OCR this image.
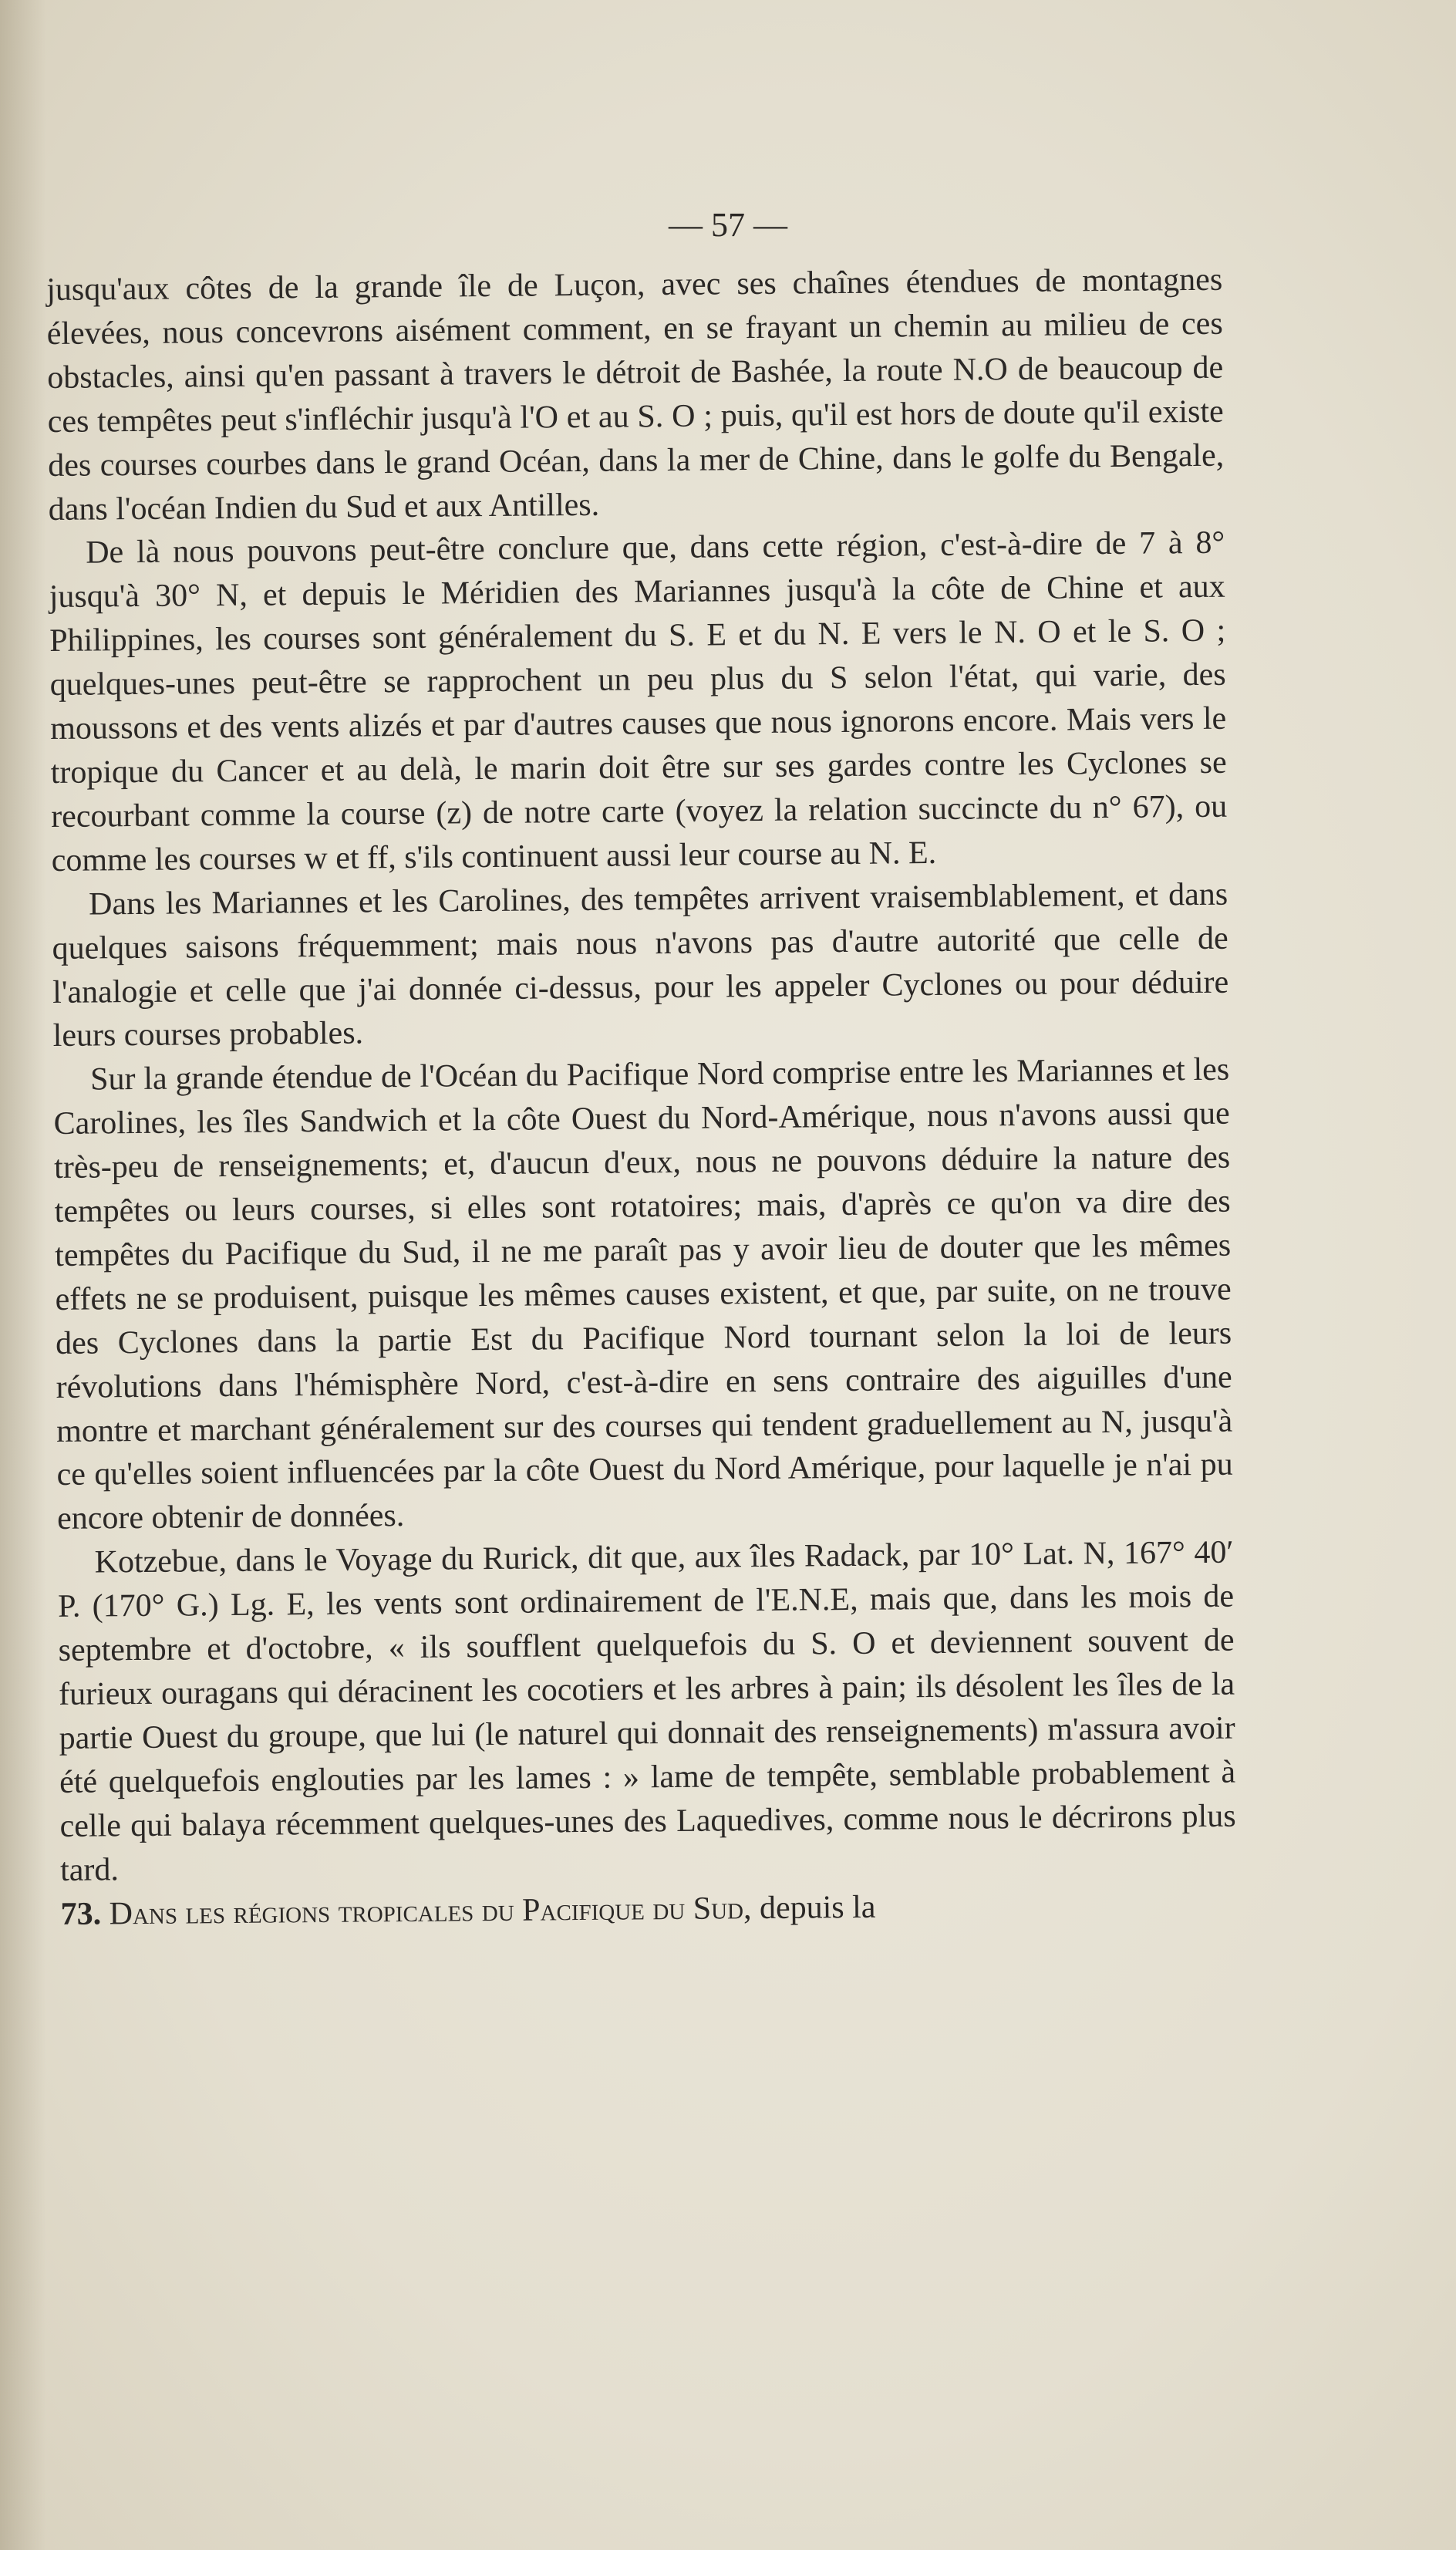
— 57 —

jusqu'aux côtes de la grande île de Luçon, avec ses chaînes étendues de montagnes élevées, nous concevrons aisément comment, en se frayant un chemin au milieu de ces obstacles, ainsi qu'en passant à travers le détroit de Bashée, la route N.O de beaucoup de ces tempêtes peut s'infléchir jusqu'à l'O et au S. O ; puis, qu'il est hors de doute qu'il existe des courses courbes dans le grand Océan, dans la mer de Chine, dans le golfe du Bengale, dans l'océan Indien du Sud et aux Antilles.

De là nous pouvons peut-être conclure que, dans cette région, c'est-à-dire de 7 à 8° jusqu'à 30° N, et depuis le Méridien des Mariannes jusqu'à la côte de Chine et aux Philippines, les courses sont généralement du S. E et du N. E vers le N. O et le S. O ; quelques-unes peut-être se rapprochent un peu plus du S selon l'état, qui varie, des moussons et des vents alizés et par d'autres causes que nous ignorons encore. Mais vers le tropique du Cancer et au delà, le marin doit être sur ses gardes contre les Cyclones se recourbant comme la course (z) de notre carte (voyez la relation succincte du n° 67), ou comme les courses w et ff, s'ils continuent aussi leur course au N. E.

Dans les Mariannes et les Carolines, des tempêtes arrivent vraisemblablement, et dans quelques saisons fréquemment; mais nous n'avons pas d'autre autorité que celle de l'analogie et celle que j'ai donnée ci-dessus, pour les appeler Cyclones ou pour déduire leurs courses probables.

Sur la grande étendue de l'Océan du Pacifique Nord comprise entre les Mariannes et les Carolines, les îles Sandwich et la côte Ouest du Nord-Amérique, nous n'avons aussi que très-peu de renseignements; et, d'aucun d'eux, nous ne pouvons déduire la nature des tempêtes ou leurs courses, si elles sont rotatoires; mais, d'après ce qu'on va dire des tempêtes du Pacifique du Sud, il ne me paraît pas y avoir lieu de douter que les mêmes effets ne se produisent, puisque les mêmes causes existent, et que, par suite, on ne trouve des Cyclones dans la partie Est du Pacifique Nord tournant selon la loi de leurs révolutions dans l'hémisphère Nord, c'est-à-dire en sens contraire des aiguilles d'une montre et marchant généralement sur des courses qui tendent graduellement au N, jusqu'à ce qu'elles soient influencées par la côte Ouest du Nord Amérique, pour laquelle je n'ai pu encore obtenir de données.

Kotzebue, dans le Voyage du Rurick, dit que, aux îles Radack, par 10° Lat. N, 167° 40′ P. (170° G.) Lg. E, les vents sont ordinairement de l'E.N.E, mais que, dans les mois de septembre et d'octobre, « ils soufflent quelquefois du S. O et deviennent souvent de furieux ouragans qui déracinent les cocotiers et les arbres à pain; ils désolent les îles de la partie Ouest du groupe, que lui (le naturel qui donnait des renseignements) m'assura avoir été quelquefois englouties par les lames : » lame de tempête, semblable probablement à celle qui balaya récemment quelques-unes des Laquedives, comme nous le décrirons plus tard.

73. Dans les régions tropicales du Pacifique du Sud, depuis la
